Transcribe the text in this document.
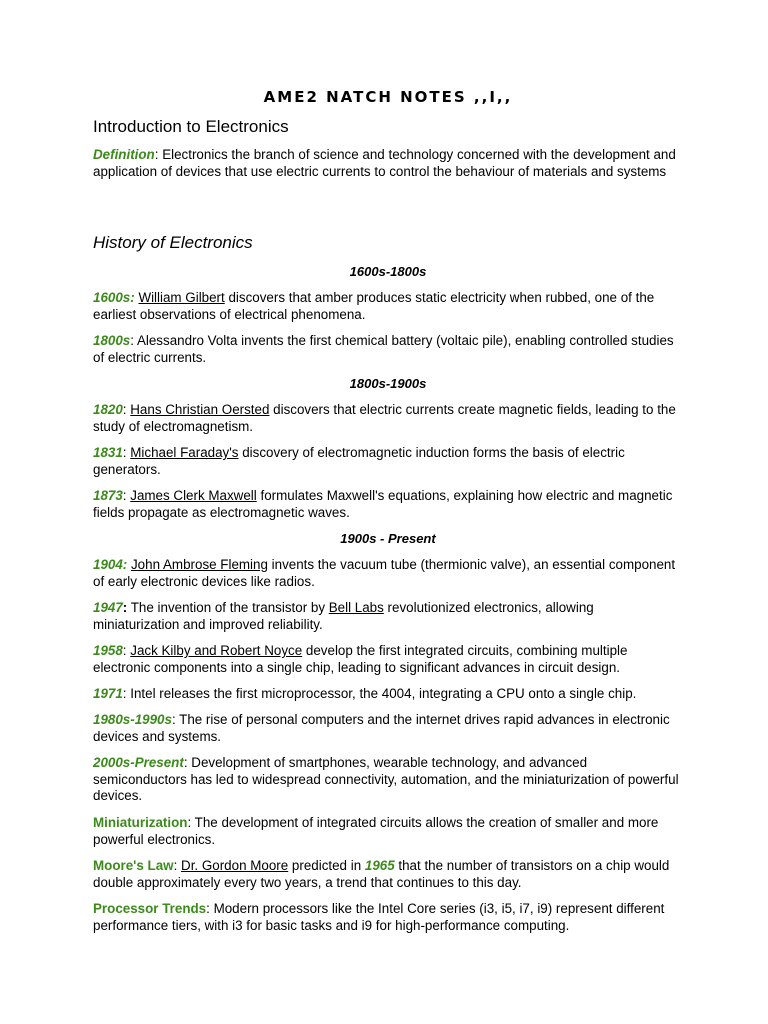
AME2 NATCH NOTES ,,I,,
Introduction to Electronics

Definition: Electronics the branch of science and technology concerned with the development and application of devices that use electric currents to control the behaviour of materials and systems

History of Electronics
1600s-1800s

1600s: William Gilbert discovers that amber produces static electricity when rubbed, one of the earliest observations of electrical phenomena.

1800s: Alessandro Volta invents the first chemical battery (voltaic pile), enabling controlled studies of electric currents.

1800s-1900s

1820: Hans Christian Oersted discovers that electric currents create magnetic fields, leading to the study of electromagnetism.

1831: Michael Faraday's discovery of electromagnetic induction forms the basis of electric generators.

1873: James Clerk Maxwell formulates Maxwell's equations, explaining how electric and magnetic fields propagate as electromagnetic waves.

1900s - Present

1904: John Ambrose Fleming invents the vacuum tube (thermionic valve), an essential component of early electronic devices like radios.

1947: The invention of the transistor by Bell Labs revolutionized electronics, allowing miniaturization and improved reliability.

1958: Jack Kilby and Robert Noyce develop the first integrated circuits, combining multiple electronic components into a single chip, leading to significant advances in circuit design.

1971: Intel releases the first microprocessor, the 4004, integrating a CPU onto a single chip.

1980s-1990s: The rise of personal computers and the internet drives rapid advances in electronic devices and systems.

2000s-Present: Development of smartphones, wearable technology, and advanced semiconductors has led to widespread connectivity, automation, and the miniaturization of powerful devices.

Miniaturization: The development of integrated circuits allows the creation of smaller and more powerful electronics.

Moore's Law: Dr. Gordon Moore predicted in 1965 that the number of transistors on a chip would double approximately every two years, a trend that continues to this day.

Processor Trends: Modern processors like the Intel Core series (i3, i5, i7, i9) represent different performance tiers, with i3 for basic tasks and i9 for high-performance computing.
